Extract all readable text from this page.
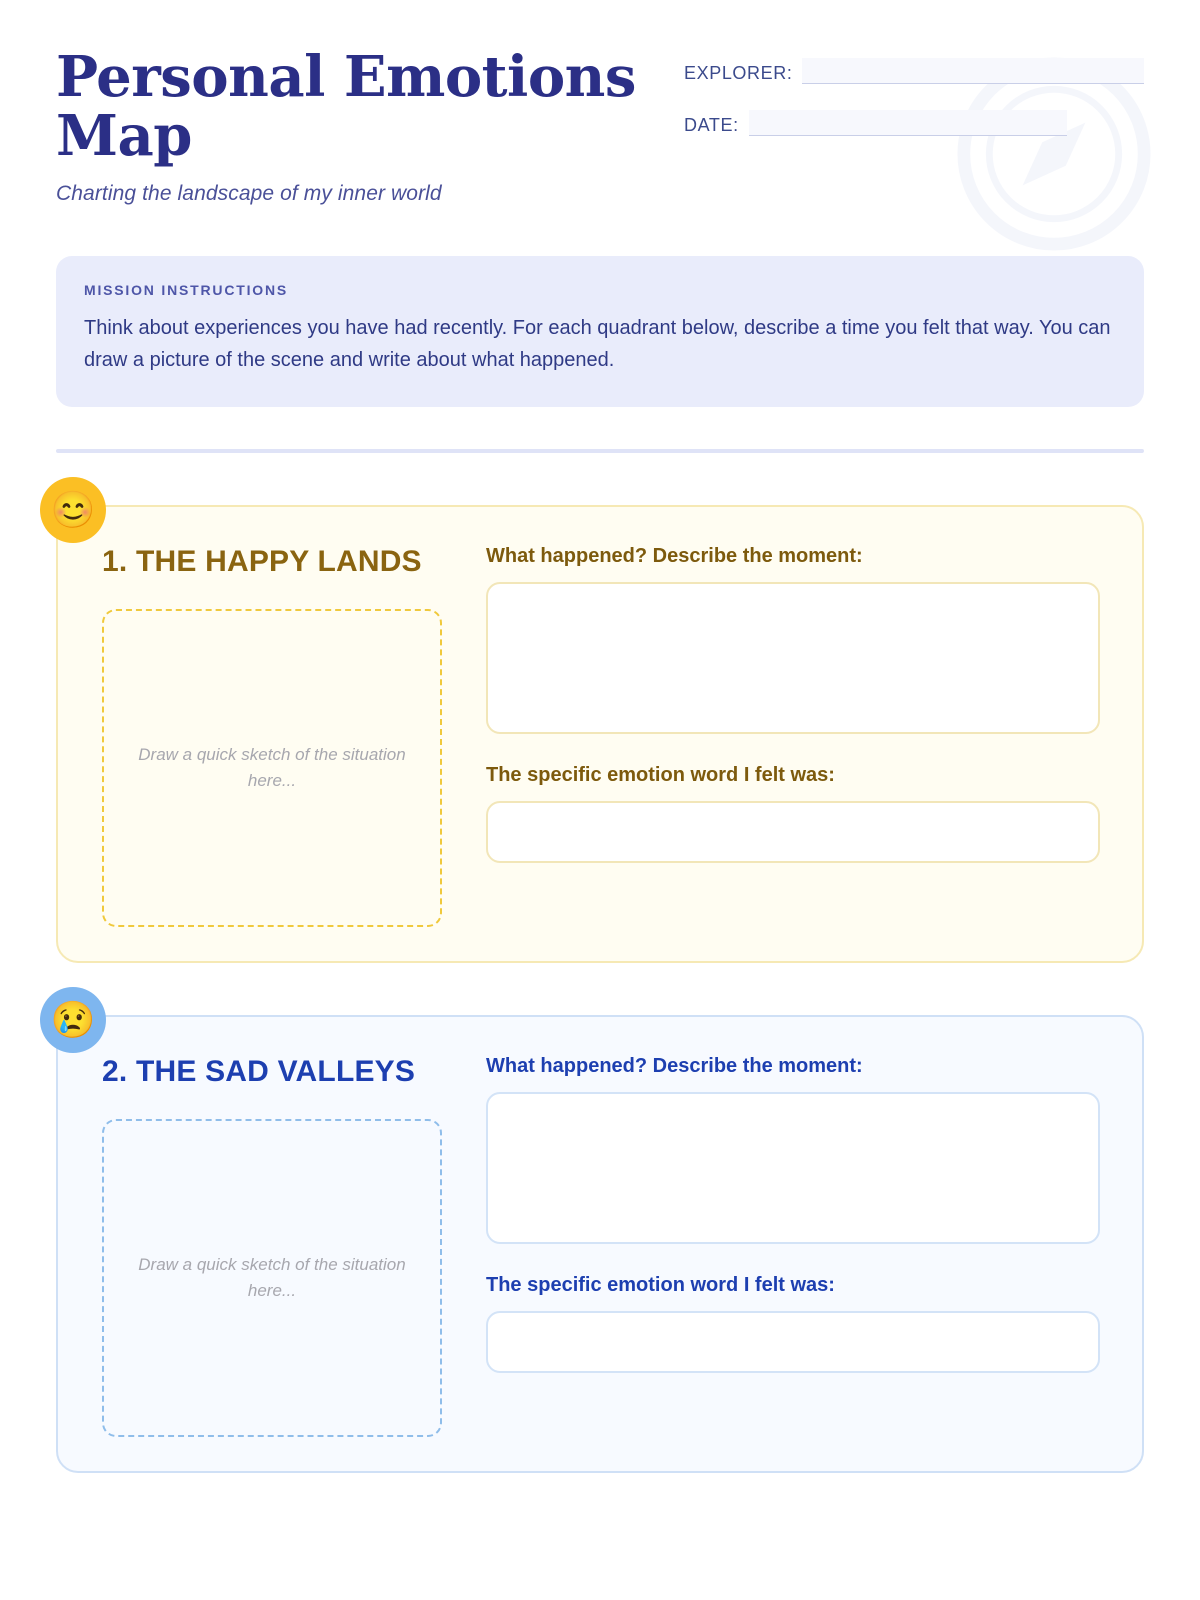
Personal Emotions Map
Charting the landscape of my inner world
EXPLORER:
DATE:
MISSION INSTRUCTIONS
Think about experiences you have had recently. For each quadrant below, describe a time you felt that way. You can draw a picture of the scene and write about what happened.
😊
1. THE HAPPY LANDS
Draw a quick sketch of the situation here...
What happened? Describe the moment:
The specific emotion word I felt was:
😢
2. THE SAD VALLEYS
Draw a quick sketch of the situation here...
What happened? Describe the moment:
The specific emotion word I felt was:
